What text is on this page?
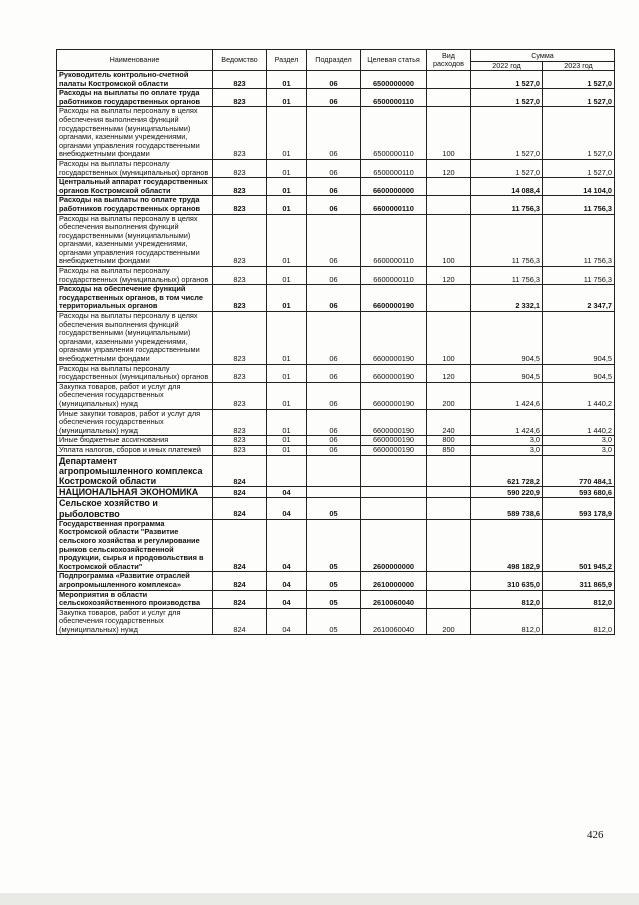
Наименование	Ведомство	Раздел	Подраздел	Целевая статья	Вид расходов	Сумма	
						2022 год	2023 год
Руководитель контрольно-счетной палаты Костромской области	823	01	06	6500000000		1 527,0	1 527,0
Расходы на выплаты по оплате труда работников государственных органов	823	01	06	6500000110		1 527,0	1 527,0
Расходы на выплаты персоналу в целях обеспечения выполнения функций государственными (муниципальными) органами, казенными учреждениями, органами управления государственными внебюджетными фондами	823	01	06	6500000110	100	1 527,0	1 527,0
Расходы на выплаты персоналу государственных (муниципальных) органов	823	01	06	6500000110	120	1 527,0	1 527,0
Центральный аппарат государственных органов Костромской области	823	01	06	6600000000		14 088,4	14 104,0
Расходы на выплаты по оплате труда работников государственных органов	823	01	06	6600000110		11 756,3	11 756,3
Расходы на выплаты персоналу в целях обеспечения выполнения функций государственными (муниципальными) органами, казенными учреждениями, органами управления государственными внебюджетными фондами	823	01	06	6600000110	100	11 756,3	11 756,3
Расходы на выплаты персоналу государственных (муниципальных) органов	823	01	06	6600000110	120	11 756,3	11 756,3
Расходы на обеспечение функций государственных органов, в том числе территориальных органов	823	01	06	6600000190		2 332,1	2 347,7
Расходы на выплаты персоналу в целях обеспечения выполнения функций государственными (муниципальными) органами, казенными учреждениями, органами управления государственными внебюджетными фондами	823	01	06	6600000190	100	904,5	904,5
Расходы на выплаты персоналу государственных (муниципальных) органов	823	01	06	6600000190	120	904,5	904,5
Закупка товаров, работ и услуг для обеспечения государственных (муниципальных) нужд	823	01	06	6600000190	200	1 424,6	1 440,2
Иные закупки товаров, работ и услуг для обеспечения государственных (муниципальных) нужд	823	01	06	6600000190	240	1 424,6	1 440,2
Иные бюджетные ассигнования	823	01	06	6600000190	800	3,0	3,0
Уплата налогов, сборов и иных платежей	823	01	06	6600000190	850	3,0	3,0
Департамент агропромышленного комплекса Костромской области	824					621 728,2	770 484,1
НАЦИОНАЛЬНАЯ ЭКОНОМИКА	824	04				590 220,9	593 680,6
Сельское хозяйство и рыболовство	824	04	05			589 738,6	593 178,9
Государственная программа Костромской области "Развитие сельского хозяйства и регулирование рынков сельскохозяйственной продукции, сырья и продовольствия в Костромской области"	824	04	05	2600000000		498 182,9	501 945,2
Подпрограмма «Развитие отраслей агропромышленного комплекса»	824	04	05	2610000000		310 635,0	311 865,9
Мероприятия в области сельскохозяйственного производства	824	04	05	2610060040		812,0	812,0
Закупка товаров, работ и услуг для обеспечения государственных (муниципальных) нужд	824	04	05	2610060040	200	812,0	812,0
426
